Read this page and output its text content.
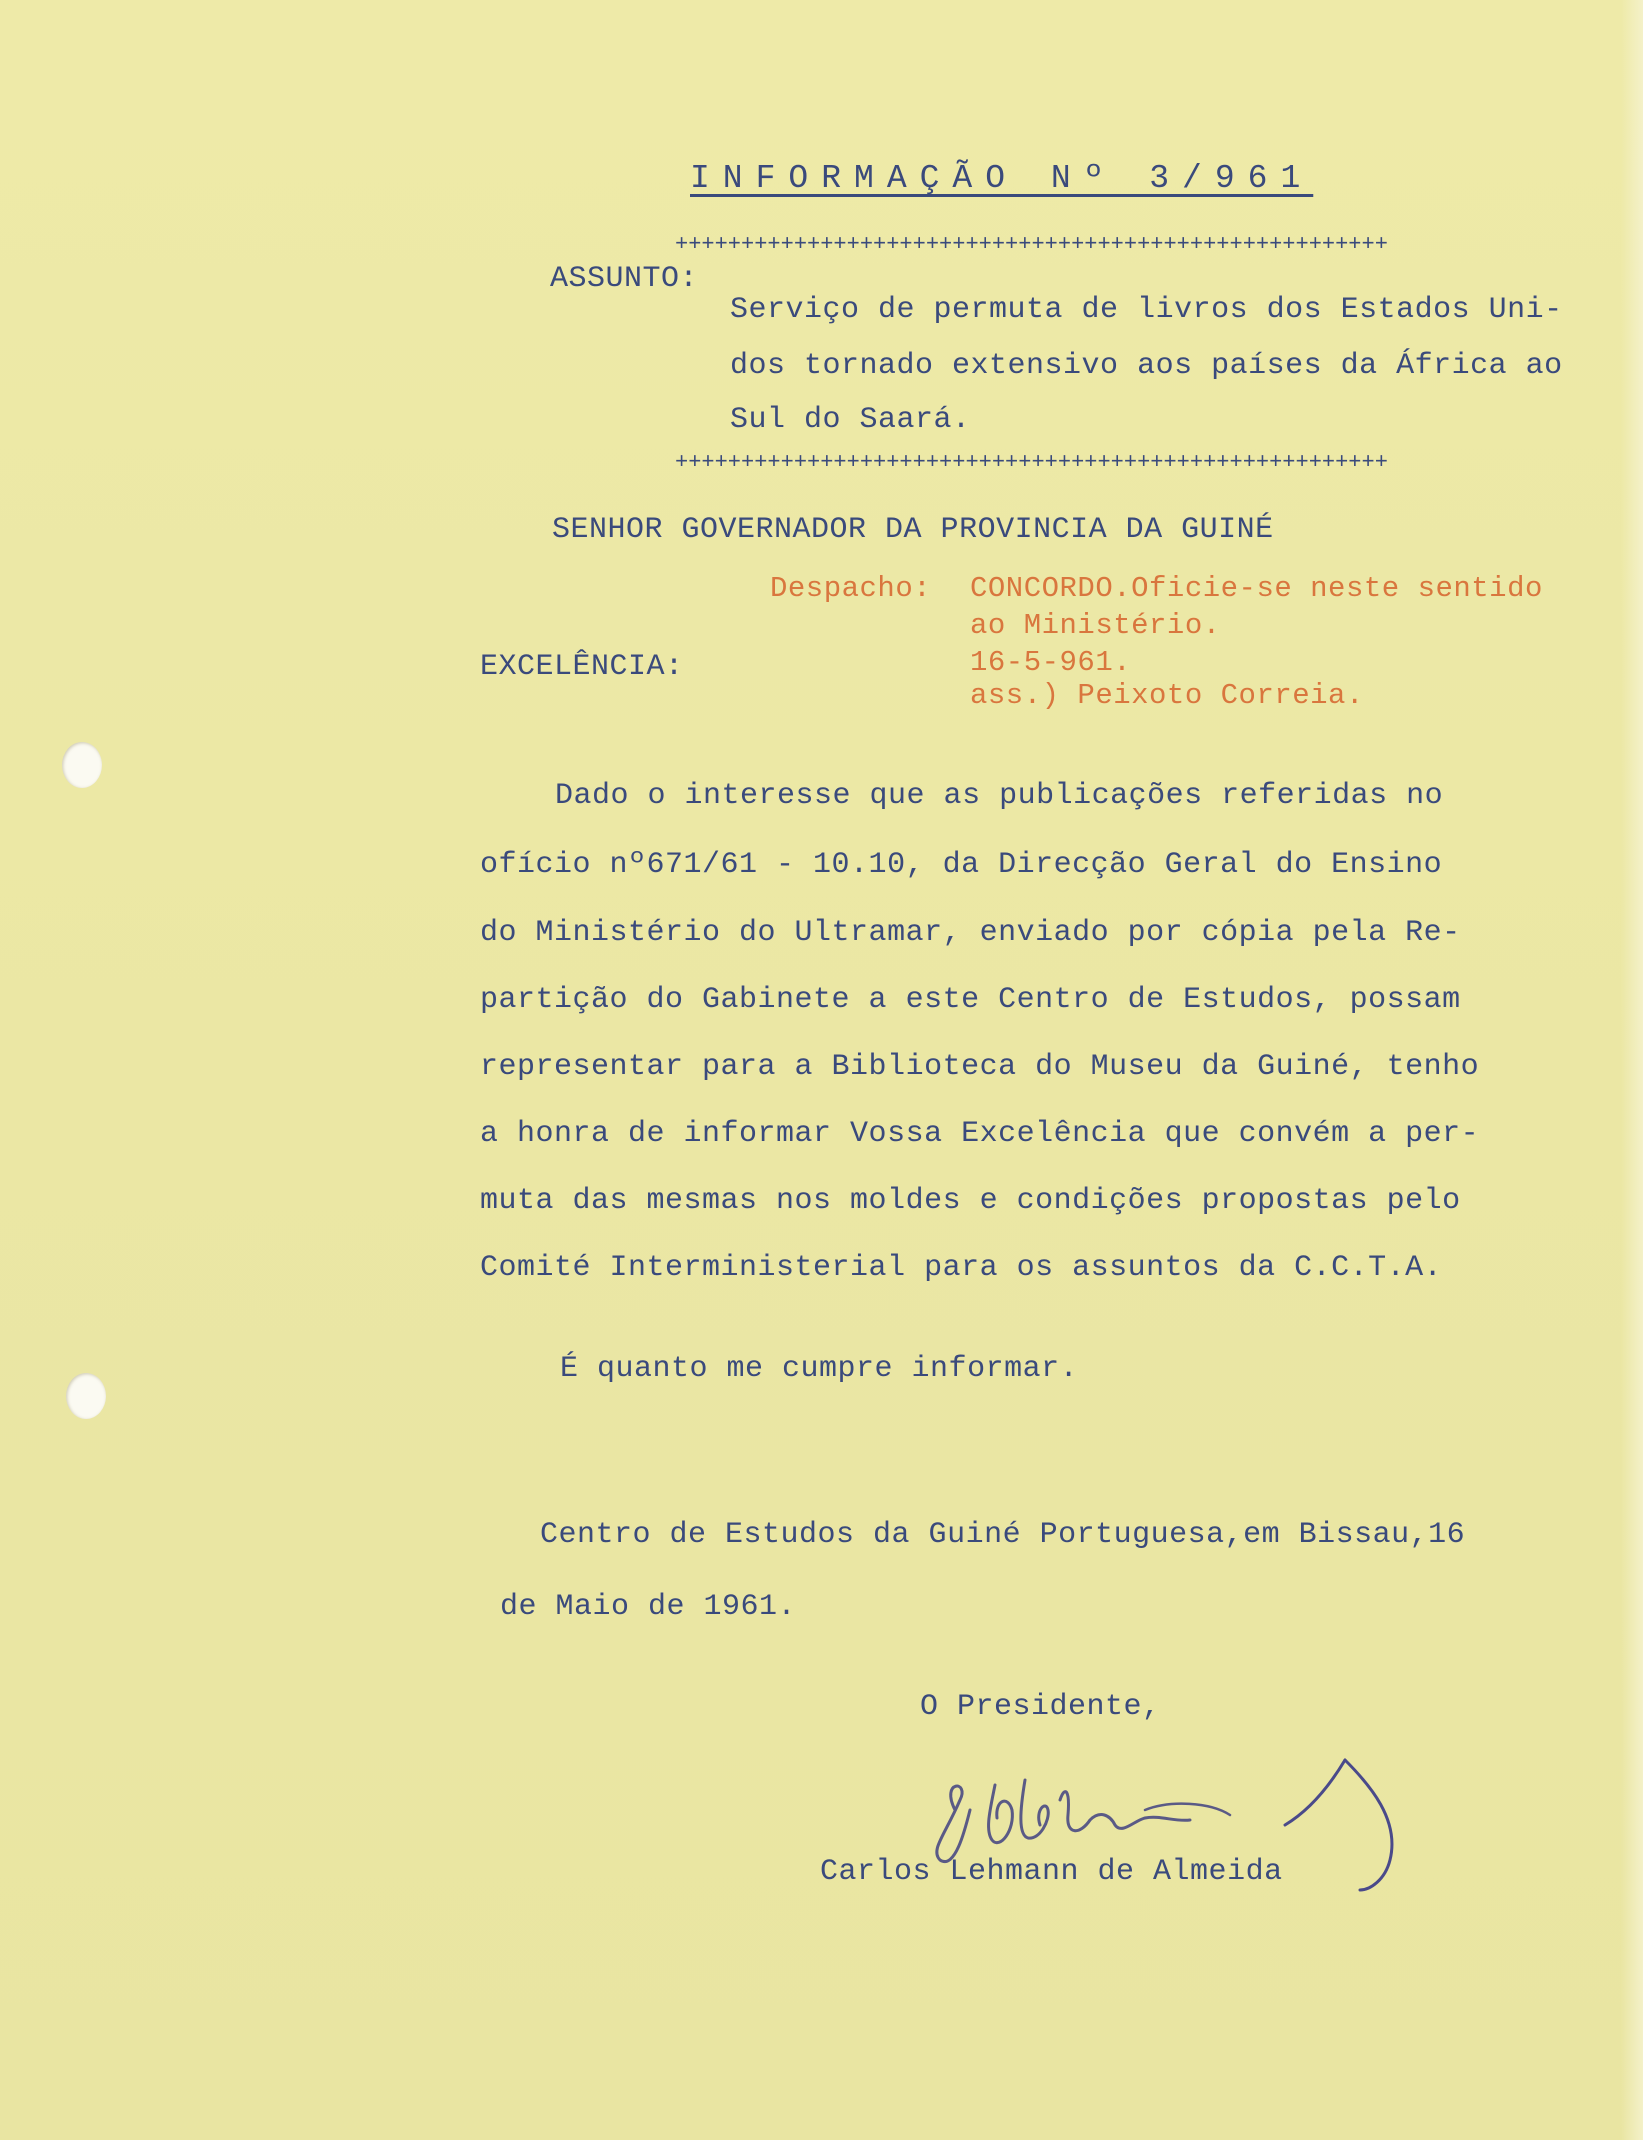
INFORMAÇÃO Nº 3/961
++++++++++++++++++++++++++++++++++++++++++++++++++++++
ASSUNTO:
Serviço de permuta de livros dos Estados Uni-
dos tornado extensivo aos países da África ao
Sul do Saará.
++++++++++++++++++++++++++++++++++++++++++++++++++++++
SENHOR GOVERNADOR DA PROVINCIA DA GUINÉ
Despacho: CONCORDO.Oficie-se neste sentido
ao Ministério.
16-5-961.
ass.) Peixoto Correia.
EXCELÊNCIA:
Dado o interesse que as publicações referidas no
ofício nº671/61 - 10.10, da Direcção Geral do Ensino
do Ministério do Ultramar, enviado por cópia pela Re-
partição do Gabinete a este Centro de Estudos, possam
representar para a Biblioteca do Museu da Guiné, tenho
a honra de informar Vossa Excelência que convém a per-
muta das mesmas nos moldes e condições propostas pelo
Comité Interministerial para os assuntos da C.C.T.A.
É quanto me cumpre informar.
Centro de Estudos da Guiné Portuguesa,em Bissau,16
de Maio de 1961.
O Presidente,
Carlos Lehmann de Almeida
